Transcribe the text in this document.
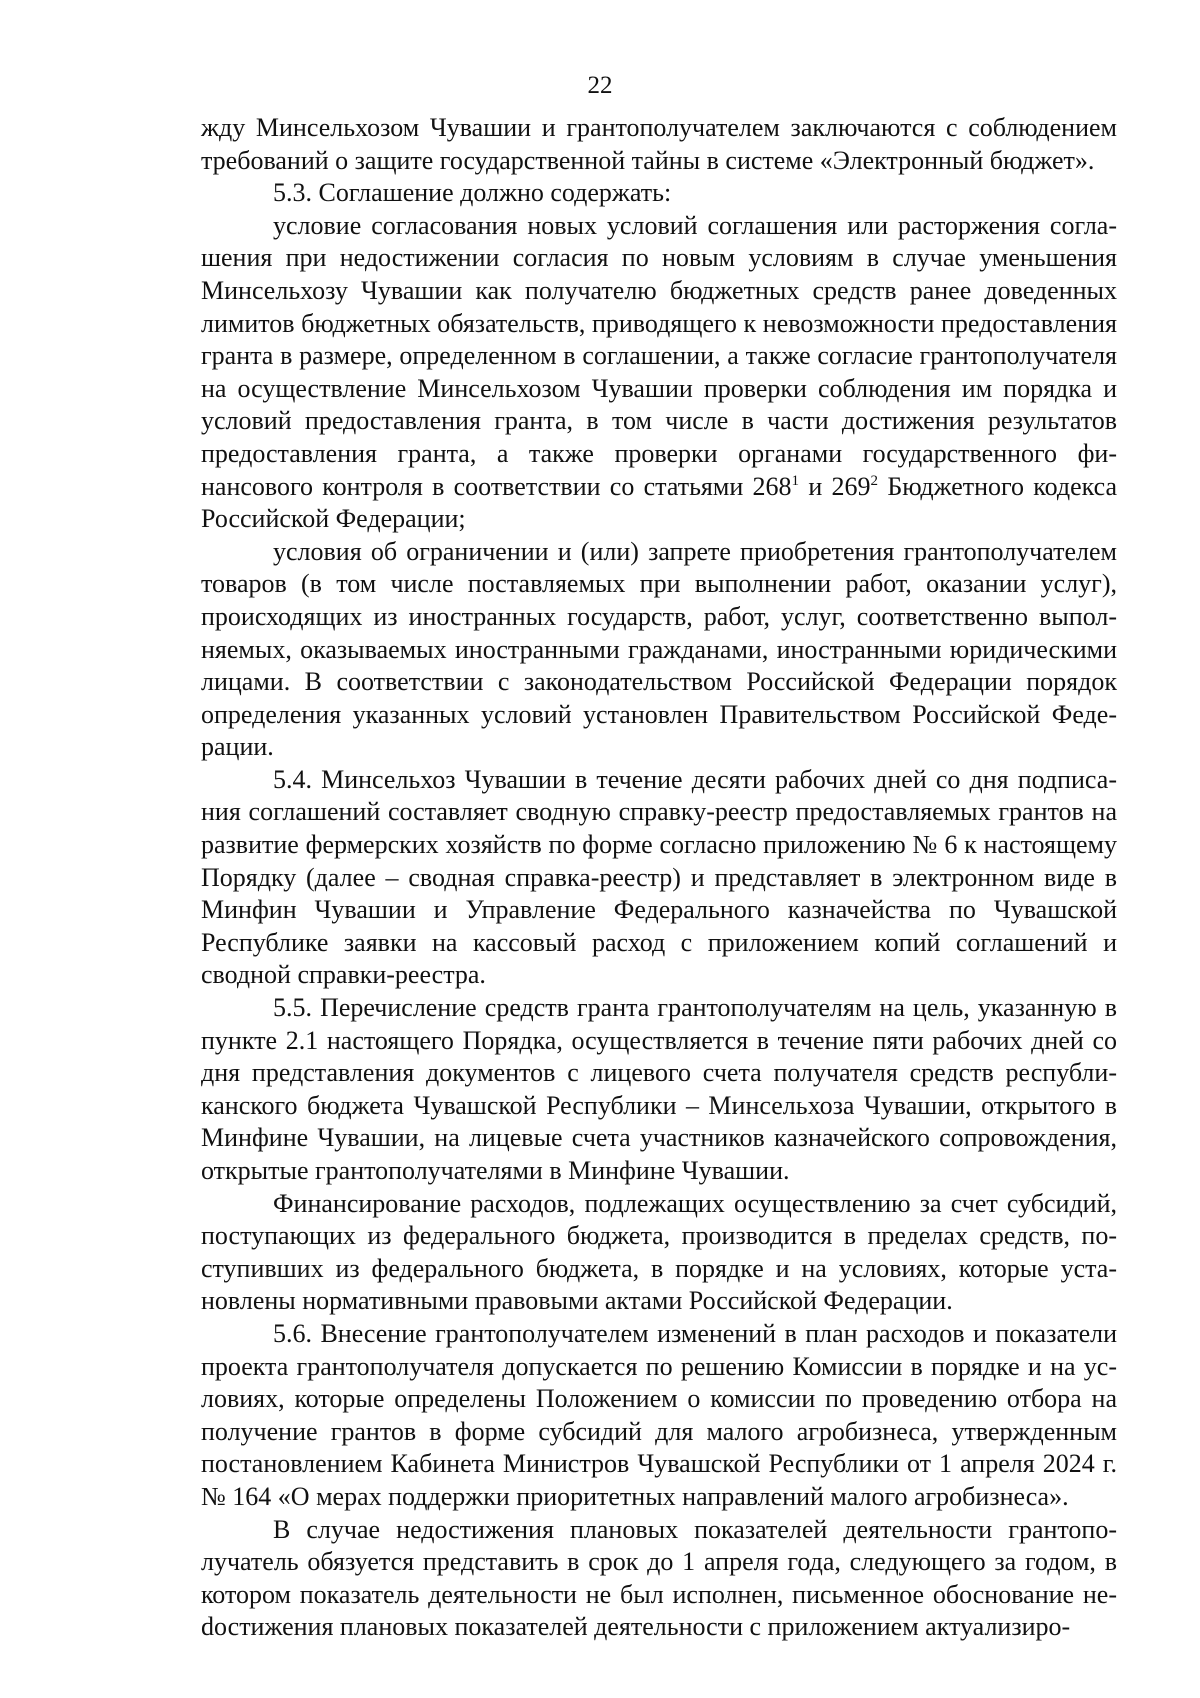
22

жду Минсельхозом Чувашии и грантополучателем заключаются с соблюдением требований о защите государственной тайны в системе «Электронный бюджет».

5.3. Соглашение должно содержать:

условие согласования новых условий соглашения или расторжения соглашения при недостижении согласия по новым условиям в случае уменьшения Минсельхозу Чувашии как получателю бюджетных средств ранее доведенных лимитов бюджетных обязательств, приводящего к невозможности предоставления гранта в размере, определенном в соглашении, а также согласие грантополучателя на осуществление Минсельхозом Чувашии проверки соблюдения им порядка и условий предоставления гранта, в том числе в части достижения результатов предоставления гранта, а также проверки органами государственного финансового контроля в соответствии со статьями $268^1$ и $269^2$ Бюджетного кодекса Российской Федерации;

условия об ограничении и (или) запрете приобретения грантополучателем товаров (в том числе поставляемых при выполнении работ, оказании услуг), происходящих из иностранных государств, работ, услуг, соответственно выполняемых, оказываемых иностранными гражданами, иностранными юридическими лицами. В соответствии с законодательством Российской Федерации порядок определения указанных условий установлен Правительством Российской Федерации.

5.4. Минсельхоз Чувашии в течение десяти рабочих дней со дня подписания соглашений составляет сводную справку-реестр предоставляемых грантов на развитие фермерских хозяйств по форме согласно приложению № 6 к настоящему Порядку (далее – сводная справка-реестр) и представляет в электронном виде в Минфин Чувашии и Управление Федерального казначейства по Чувашской Республике заявки на кассовый расход с приложением копий соглашений и сводной справки-реестра.

5.5. Перечисление средств гранта грантополучателям на цель, указанную в пункте 2.1 настоящего Порядка, осуществляется в течение пяти рабочих дней со дня представления документов с лицевого счета получателя средств республиканского бюджета Чувашской Республики – Минсельхоза Чувашии, открытого в Минфине Чувашии, на лицевые счета участников казначейского сопровождения, открытые грантополучателями в Минфине Чувашии.

Финансирование расходов, подлежащих осуществлению за счет субсидий, поступающих из федерального бюджета, производится в пределах средств, поступивших из федерального бюджета, в порядке и на условиях, которые установлены нормативными правовыми актами Российской Федерации.

5.6. Внесение грантополучателем изменений в план расходов и показатели проекта грантополучателя допускается по решению Комиссии в порядке и на условиях, которые определены Положением о комиссии по проведению отбора на получение грантов в форме субсидий для малого агробизнеса, утвержденным постановлением Кабинета Министров Чувашской Республики от 1 апреля 2024 г. № 164 «О мерах поддержки приоритетных направлений малого агробизнеса».

В случае недостижения плановых показателей деятельности грантополучатель обязуется представить в срок до 1 апреля года, следующего за годом, в котором показатель деятельности не был исполнен, письменное обоснование неdостижения плановых показателей деятельности с приложением актуализиро-
